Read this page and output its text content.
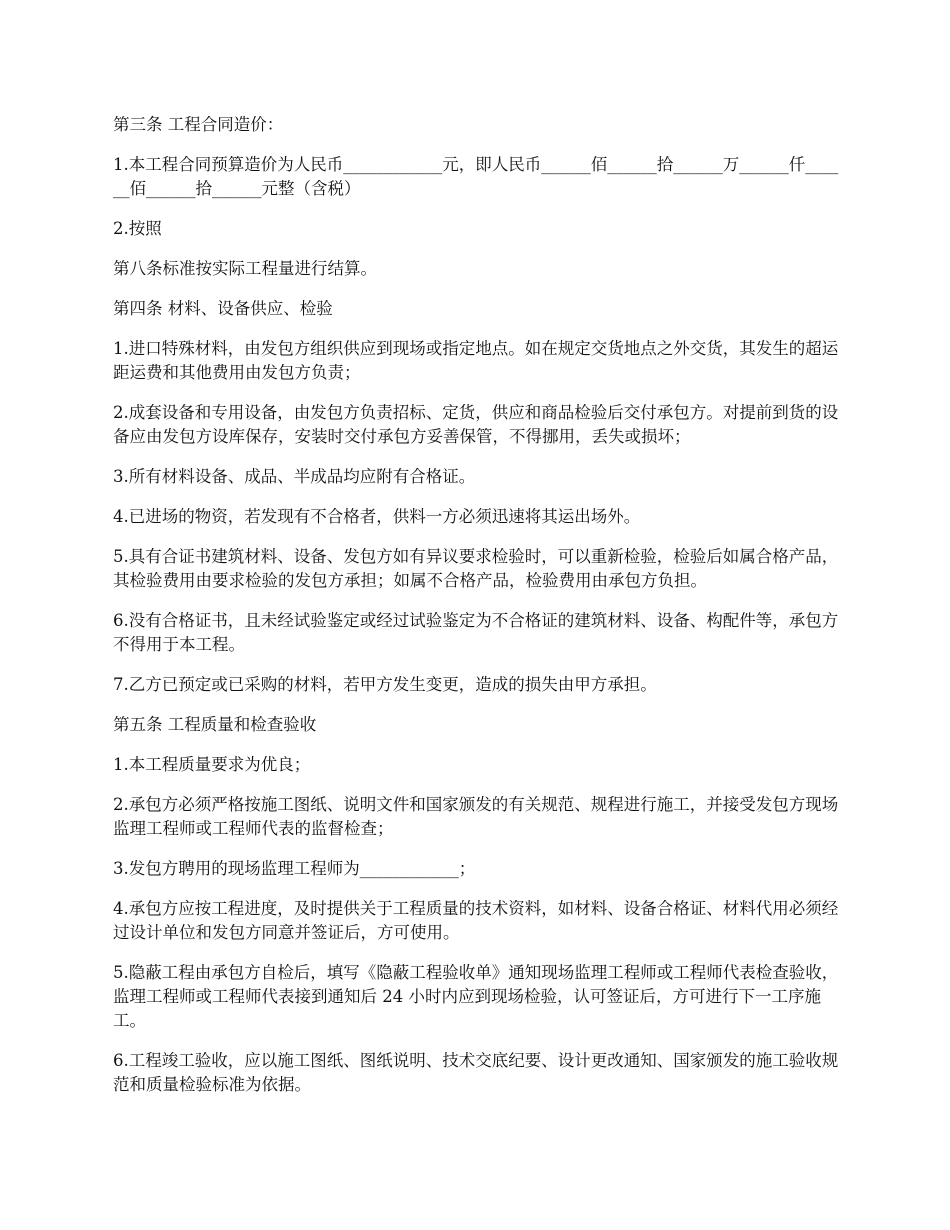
第三条 工程合同造价：

1.本工程合同预算造价为人民币____________元，即人民币______佰______拾______万______仟______佰______拾______元整（含税）

2.按照

第八条标准按实际工程量进行结算。

第四条 材料、设备供应、检验

1.进口特殊材料，由发包方组织供应到现场或指定地点。如在规定交货地点之外交货，其发生的超运距运费和其他费用由发包方负责；

2.成套设备和专用设备，由发包方负责招标、定货，供应和商品检验后交付承包方。对提前到货的设备应由发包方设库保存，安装时交付承包方妥善保管，不得挪用，丢失或损坏；

3.所有材料设备、成品、半成品均应附有合格证。

4.已进场的物资，若发现有不合格者，供料一方必须迅速将其运出场外。

5.具有合证书建筑材料、设备、发包方如有异议要求检验时，可以重新检验，检验后如属合格产品，其检验费用由要求检验的发包方承担；如属不合格产品，检验费用由承包方负担。

6.没有合格证书，且未经试验鉴定或经过试验鉴定为不合格证的建筑材料、设备、构配件等，承包方不得用于本工程。

7.乙方已预定或已采购的材料，若甲方发生变更，造成的损失由甲方承担。

第五条 工程质量和检查验收

1.本工程质量要求为优良；

2.承包方必须严格按施工图纸、说明文件和国家颁发的有关规范、规程进行施工，并接受发包方现场监理工程师或工程师代表的监督检查；

3.发包方聘用的现场监理工程师为____________；

4.承包方应按工程进度，及时提供关于工程质量的技术资料，如材料、设备合格证、材料代用必须经过设计单位和发包方同意并签证后，方可使用。

5.隐蔽工程由承包方自检后，填写《隐蔽工程验收单》通知现场监理工程师或工程师代表检查验收，监理工程师或工程师代表接到通知后 24 小时内应到现场检验，认可签证后，方可进行下一工序施工。

6.工程竣工验收，应以施工图纸、图纸说明、技术交底纪要、设计更改通知、国家颁发的施工验收规范和质量检验标准为依据。
